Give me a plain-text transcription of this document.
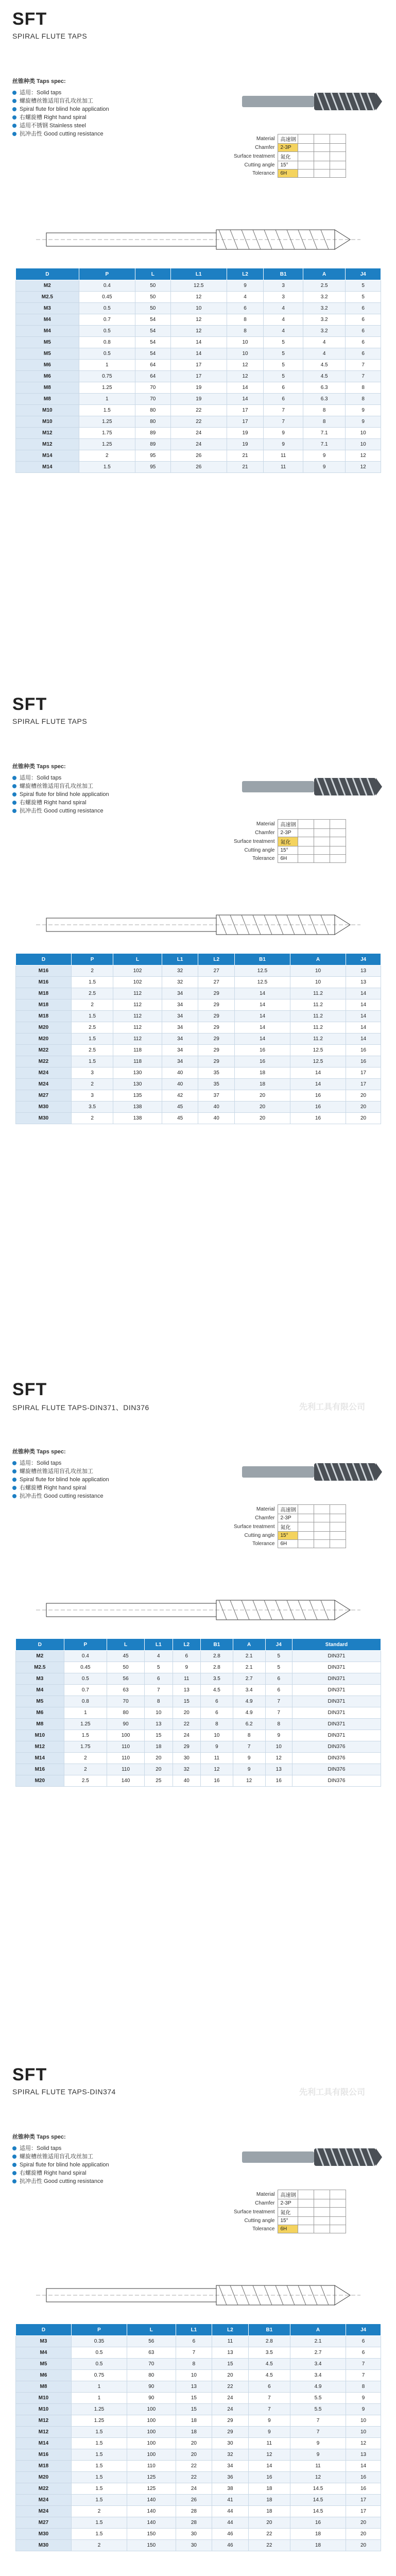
SFT
SPIRAL FLUTE TAPS
丝锥种类 Taps spec:
适用：Solid taps
螺旋槽丝锥适用盲孔攻丝加工
Spiral flute for blind hole application
右螺旋槽 Right hand spiral
适用不锈钢 Stainless steel
抗冲击性 Good cutting resistance
Material	高速钢			
Chamfer	2-3P			
Surface treatment	氮化			
Cutting angle	15°			
Tolerance	6H			
D	P	L	L1	L2	B1	A	J4
M2	0.4	50	12.5	9	3	2.5	5
M2.5	0.45	50	12	4	3	3.2	5
M3	0.5	50	10	6	4	3.2	6
M4	0.7	54	12	8	4	3.2	6
M4	0.5	54	12	8	4	3.2	6
M5	0.8	54	14	10	5	4	6
M5	0.5	54	14	10	5	4	6
M6	1	64	17	12	5	4.5	7
M6	0.75	64	17	12	5	4.5	7
M8	1.25	70	19	14	6	6.3	8
M8	1	70	19	14	6	6.3	8
M10	1.5	80	22	17	7	8	9
M10	1.25	80	22	17	7	8	9
M12	1.75	89	24	19	9	7.1	10
M12	1.25	89	24	19	9	7.1	10
M14	2	95	26	21	11	9	12
M14	1.5	95	26	21	11	9	12
SFT
SPIRAL FLUTE TAPS
丝锥种类 Taps spec:
适用：Solid taps
螺旋槽丝锥适用盲孔攻丝加工
Spiral flute for blind hole application
右螺旋槽 Right hand spiral
抗冲击性 Good cutting resistance
Material	高速钢			
Chamfer	2-3P			
Surface treatment	氮化			
Cutting angle	15°			
Tolerance	6H			
D	P	L	L1	L2	B1	A	J4
M16	2	102	32	27	12.5	10	13
M16	1.5	102	32	27	12.5	10	13
M18	2.5	112	34	29	14	11.2	14
M18	2	112	34	29	14	11.2	14
M18	1.5	112	34	29	14	11.2	14
M20	2.5	112	34	29	14	11.2	14
M20	1.5	112	34	29	14	11.2	14
M22	2.5	118	34	29	16	12.5	16
M22	1.5	118	34	29	16	12.5	16
M24	3	130	40	35	18	14	17
M24	2	130	40	35	18	14	17
M27	3	135	42	37	20	16	20
M30	3.5	138	45	40	20	16	20
M30	2	138	45	40	20	16	20
SFT
SPIRAL FLUTE TAPS-DIN371、DIN376	先利工具有限公司
丝锥种类 Taps spec:
适用：Solid taps
螺旋槽丝锥适用盲孔攻丝加工
Spiral flute for blind hole application
右螺旋槽 Right hand spiral
抗冲击性 Good cutting resistance
Material	高速钢			
Chamfer	2-3P			
Surface treatment	氮化			
Cutting angle	15°			
Tolerance	6H			
D	P	L	L1	L2	B1	A	J4	Standard
M2	0.4	45	4	6	2.8	2.1	5	DIN371
M2.5	0.45	50	5	9	2.8	2.1	5	DIN371
M3	0.5	56	6	11	3.5	2.7	6	DIN371
M4	0.7	63	7	13	4.5	3.4	6	DIN371
M5	0.8	70	8	15	6	4.9	7	DIN371
M6	1	80	10	20	6	4.9	7	DIN371
M8	1.25	90	13	22	8	6.2	8	DIN371
M10	1.5	100	15	24	10	8	9	DIN371
M12	1.75	110	18	29	9	7	10	DIN376
M14	2	110	20	30	11	9	12	DIN376
M16	2	110	20	32	12	9	13	DIN376
M20	2.5	140	25	40	16	12	16	DIN376
SFT
SPIRAL FLUTE TAPS-DIN374	先利工具有限公司
丝锥种类 Taps spec:
适用：Solid taps
螺旋槽丝锥适用盲孔攻丝加工
Spiral flute for blind hole application
右螺旋槽 Right hand spiral
抗冲击性 Good cutting resistance
Material	高速钢			
Chamfer	2-3P			
Surface treatment	氮化			
Cutting angle	15°			
Tolerance	6H			
D	P	L	L1	L2	B1	A	J4
M3	0.35	56	6	11	2.8	2.1	6
M4	0.5	63	7	13	3.5	2.7	6
M5	0.5	70	8	15	4.5	3.4	7
M6	0.75	80	10	20	4.5	3.4	7
M8	1	90	13	22	6	4.9	8
M10	1	90	15	24	7	5.5	9
M10	1.25	100	15	24	7	5.5	9
M12	1.25	100	18	29	9	7	10
M12	1.5	100	18	29	9	7	10
M14	1.5	100	20	30	11	9	12
M16	1.5	100	20	32	12	9	13
M18	1.5	110	22	34	14	11	14
M20	1.5	125	22	36	16	12	16
M22	1.5	125	24	38	18	14.5	16
M24	1.5	140	26	41	18	14.5	17
M24	2	140	28	44	18	14.5	17
M27	1.5	140	28	44	20	16	20
M30	1.5	150	30	46	22	18	20
M30	2	150	30	46	22	18	20
